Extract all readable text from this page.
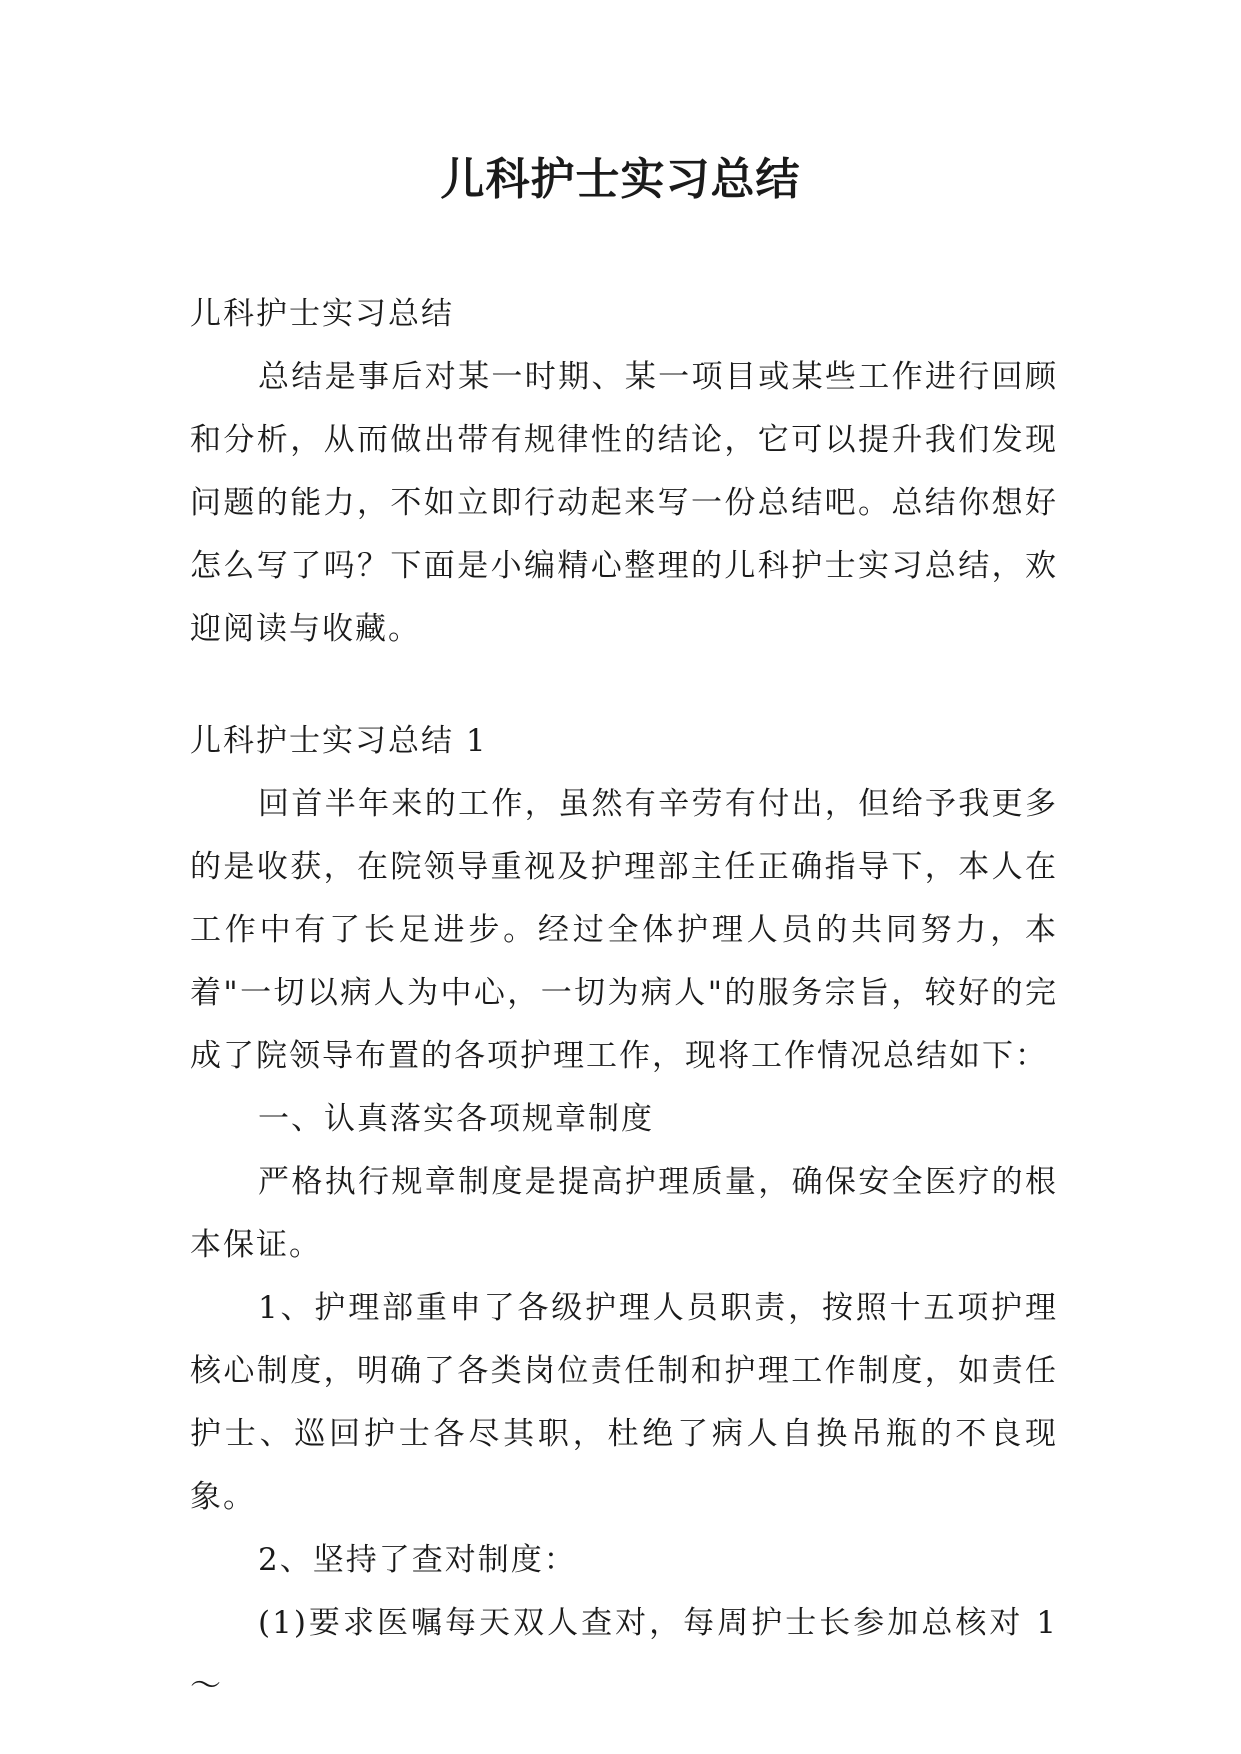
儿科护士实习总结

儿科护士实习总结

总结是事后对某一时期、某一项目或某些工作进行回顾和分析，从而做出带有规律性的结论，它可以提升我们发现问题的能力，不如立即行动起来写一份总结吧。总结你想好怎么写了吗？下面是小编精心整理的儿科护士实习总结，欢迎阅读与收藏。

儿科护士实习总结 1

回首半年来的工作，虽然有辛劳有付出，但给予我更多的是收获，在院领导重视及护理部主任正确指导下，本人在工作中有了长足进步。经过全体护理人员的共同努力，本着"一切以病人为中心，一切为病人"的服务宗旨，较好的完成了院领导布置的各项护理工作，现将工作情况总结如下：

一、认真落实各项规章制度

严格执行规章制度是提高护理质量，确保安全医疗的根本保证。

1、护理部重申了各级护理人员职责，按照十五项护理核心制度，明确了各类岗位责任制和护理工作制度，如责任护士、巡回护士各尽其职，杜绝了病人自换吊瓶的不良现象。

2、坚持了查对制度：

(1)要求医嘱每天双人查对，每周护士长参加总核对 1～
